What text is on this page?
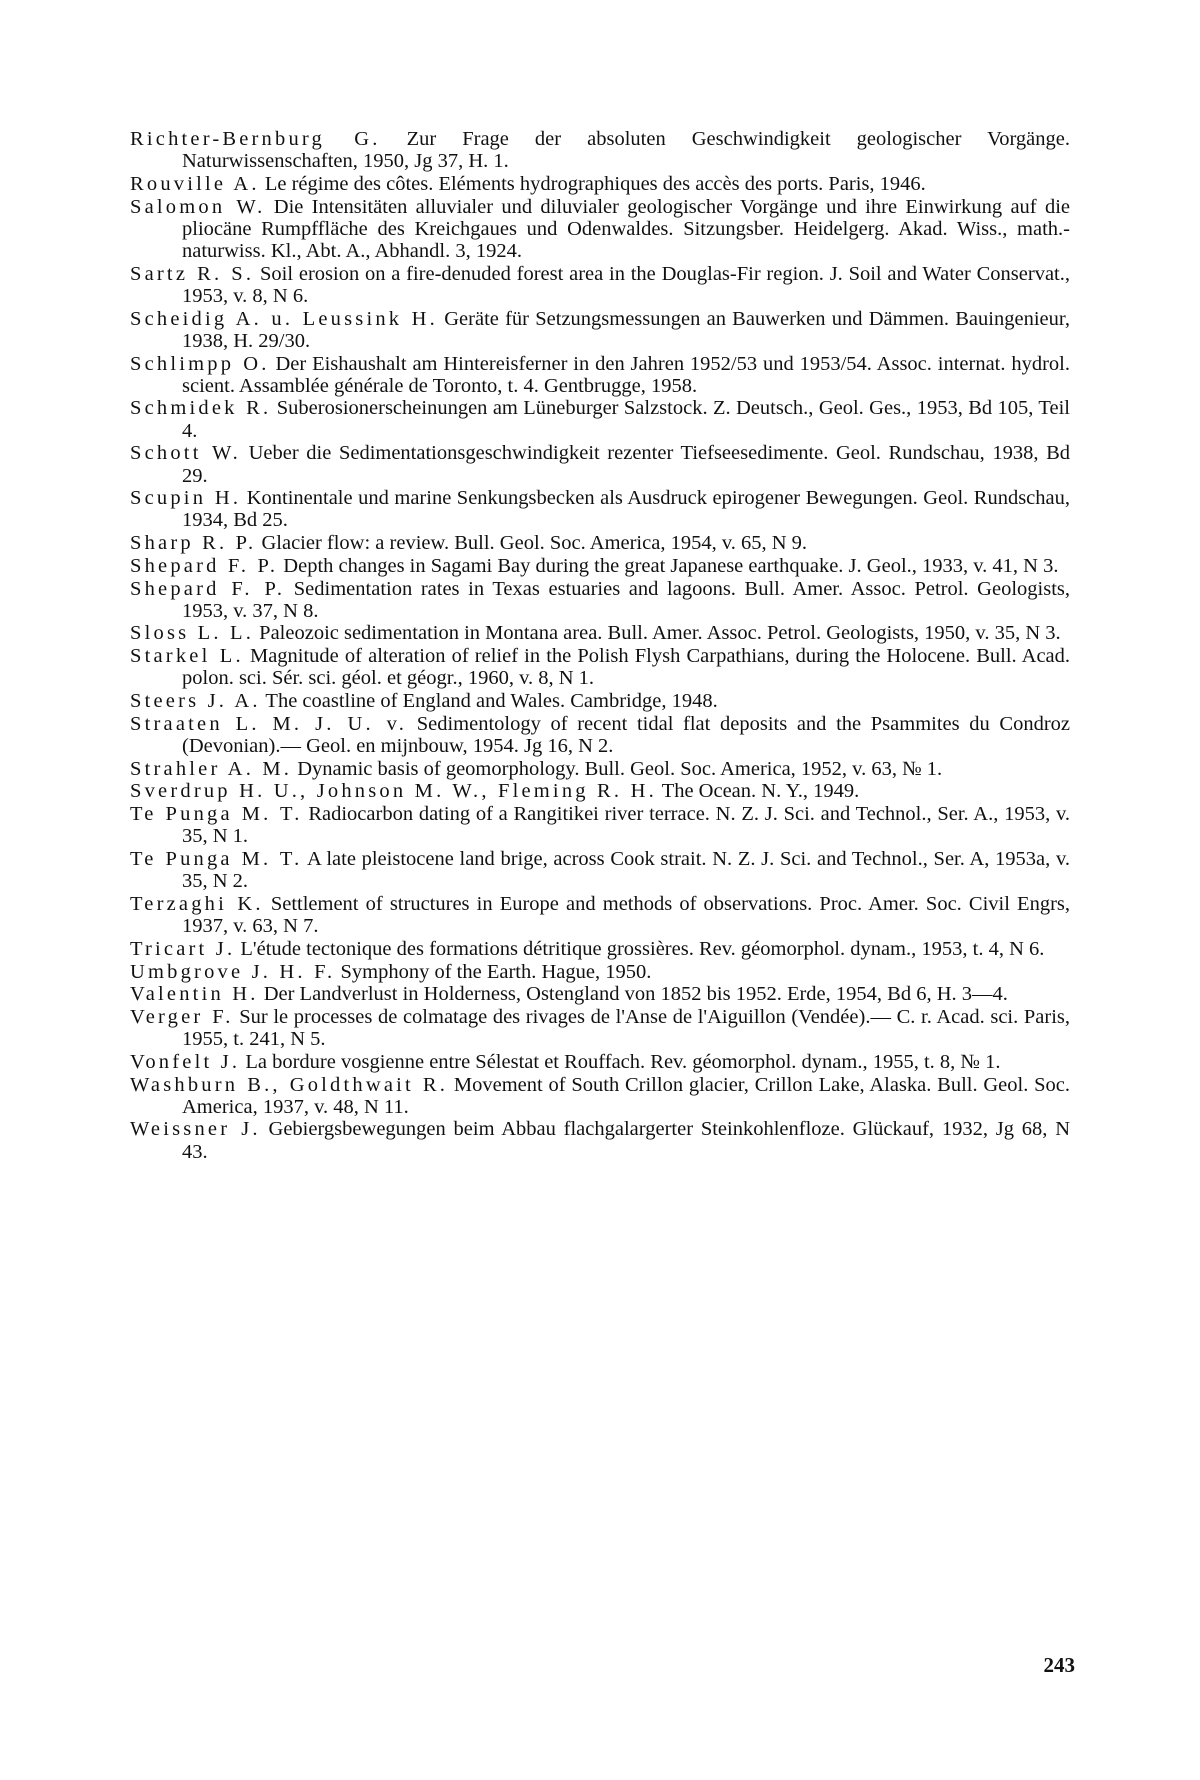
Richter-Bernburg G. Zur Frage der absoluten Geschwindigkeit geologischer Vorgänge. Naturwissenschaften, 1950, Jg 37, H. 1.

Rouville A. Le régime des côtes. Eléments hydrographiques des accès des ports. Paris, 1946.

Salomon W. Die Intensitäten alluvialer und diluvialer geologischer Vorgänge und ihre Einwirkung auf die pliocäne Rumpffläche des Kreichgaues und Odenwaldes. Sitzungsber. Heidelgerg. Akad. Wiss., math.-naturwiss. Kl., Abt. A., Abhandl. 3, 1924.

Sartz R. S. Soil erosion on a fire-denuded forest area in the Douglas-Fir region. J. Soil and Water Conservat., 1953, v. 8, N 6.

Scheidig A. u. Leussink H. Geräte für Setzungsmessungen an Bauwerken und Dämmen. Bauingenieur, 1938, H. 29/30.

Schlimpp O. Der Eishaushalt am Hintereisferner in den Jahren 1952/53 und 1953/54. Assoc. internat. hydrol. scient. Assamblée générale de Toronto, t. 4. Gentbrugge, 1958.

Schmidek R. Suberosionerscheinungen am Lüneburger Salzstock. Z. Deutsch., Geol. Ges., 1953, Bd 105, Teil 4.

Schott W. Ueber die Sedimentationsgeschwindigkeit rezenter Tiefseesedimente. Geol. Rundschau, 1938, Bd 29.

Scupin H. Kontinentale und marine Senkungsbecken als Ausdruck epirogener Bewegungen. Geol. Rundschau, 1934, Bd 25.

Sharp R. P. Glacier flow: a review. Bull. Geol. Soc. America, 1954, v. 65, N 9.

Shepard F. P. Depth changes in Sagami Bay during the great Japanese earthquake. J. Geol., 1933, v. 41, N 3.

Shepard F. P. Sedimentation rates in Texas estuaries and lagoons. Bull. Amer. Assoc. Petrol. Geologists, 1953, v. 37, N 8.

Sloss L. L. Paleozoic sedimentation in Montana area. Bull. Amer. Assoc. Petrol. Geologists, 1950, v. 35, N 3.

Starkel L. Magnitude of alteration of relief in the Polish Flysh Carpathians, during the Holocene. Bull. Acad. polon. sci. Sér. sci. géol. et géogr., 1960, v. 8, N 1.

Steers J. A. The coastline of England and Wales. Cambridge, 1948.

Straaten L. M. J. U. v. Sedimentology of recent tidal flat deposits and the Psammites du Condroz (Devonian).— Geol. en mijnbouw, 1954. Jg 16, N 2.

Strahler A. M. Dynamic basis of geomorphology. Bull. Geol. Soc. America, 1952, v. 63, № 1.

Sverdrup H. U., Johnson M. W., Fleming R. H. The Ocean. N. Y., 1949.

Te Punga M. T. Radiocarbon dating of a Rangitikei river terrace. N. Z. J. Sci. and Technol., Ser. A., 1953, v. 35, N 1.

Te Punga M. T. A late pleistocene land brige, across Cook strait. N. Z. J. Sci. and Technol., Ser. A, 1953a, v. 35, N 2.

Terzaghi K. Settlement of structures in Europe and methods of observations. Proc. Amer. Soc. Civil Engrs, 1937, v. 63, N 7.

Tricart J. L'étude tectonique des formations détritique grossières. Rev. géomorphol. dynam., 1953, t. 4, N 6.

Umbgrove J. H. F. Symphony of the Earth. Hague, 1950.

Valentin H. Der Landverlust in Holderness, Ostengland von 1852 bis 1952. Erde, 1954, Bd 6, H. 3—4.

Verger F. Sur le processes de colmatage des rivages de l'Anse de l'Aiguillon (Vendée).— C. r. Acad. sci. Paris, 1955, t. 241, N 5.

Vonfelt J. La bordure vosgienne entre Sélestat et Rouffach. Rev. géomorphol. dynam., 1955, t. 8, № 1.

Washburn B., Goldthwait R. Movement of South Crillon glacier, Crillon Lake, Alaska. Bull. Geol. Soc. America, 1937, v. 48, N 11.

Weissner J. Gebiergsbewegungen beim Abbau flachgalargerter Steinkohlenfloze. Glückauf, 1932, Jg 68, N 43.

243
